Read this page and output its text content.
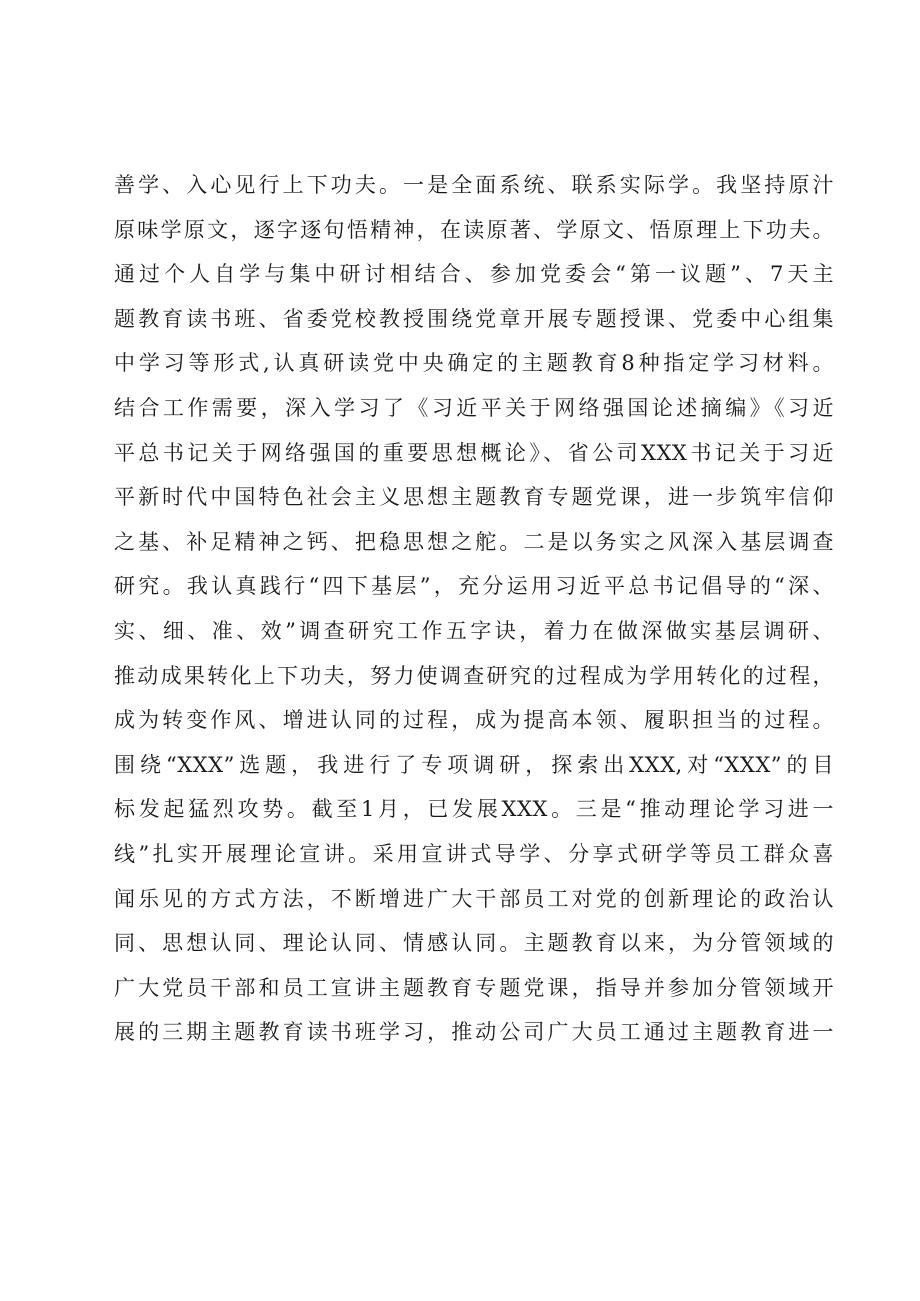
善学、入心见行上下功夫。一是全面系统、联系实际学。我坚持原汁
原味学原文，逐字逐句悟精神，在读原著、学原文、悟原理上下功夫。
通过个人自学与集中研讨相结合、参加党委会“第一议题”、7天主
题教育读书班、省委党校教授围绕党章开展专题授课、党委中心组集
中学习等形式,认真研读党中央确定的主题教育8种指定学习材料。
结合工作需要，深入学习了《习近平关于网络强国论述摘编》《习近
平总书记关于网络强国的重要思想概论》、省公司XXX书记关于习近
平新时代中国特色社会主义思想主题教育专题党课，进一步筑牢信仰
之基、补足精神之钙、把稳思想之舵。二是以务实之风深入基层调查
研究。我认真践行“四下基层”，充分运用习近平总书记倡导的“深、
实、细、准、效”调查研究工作五字诀，着力在做深做实基层调研、
推动成果转化上下功夫，努力使调查研究的过程成为学用转化的过程，
成为转变作风、增进认同的过程，成为提高本领、履职担当的过程。
围绕“XXX”选题，我进行了专项调研，探索出XXX,对“XXX”的目
标发起猛烈攻势。截至1月，已发展XXX。三是“推动理论学习进一
线”扎实开展理论宣讲。采用宣讲式导学、分享式研学等员工群众喜
闻乐见的方式方法，不断增进广大干部员工对党的创新理论的政治认
同、思想认同、理论认同、情感认同。主题教育以来，为分管领域的
广大党员干部和员工宣讲主题教育专题党课，指导并参加分管领域开
展的三期主题教育读书班学习，推动公司广大员工通过主题教育进一
